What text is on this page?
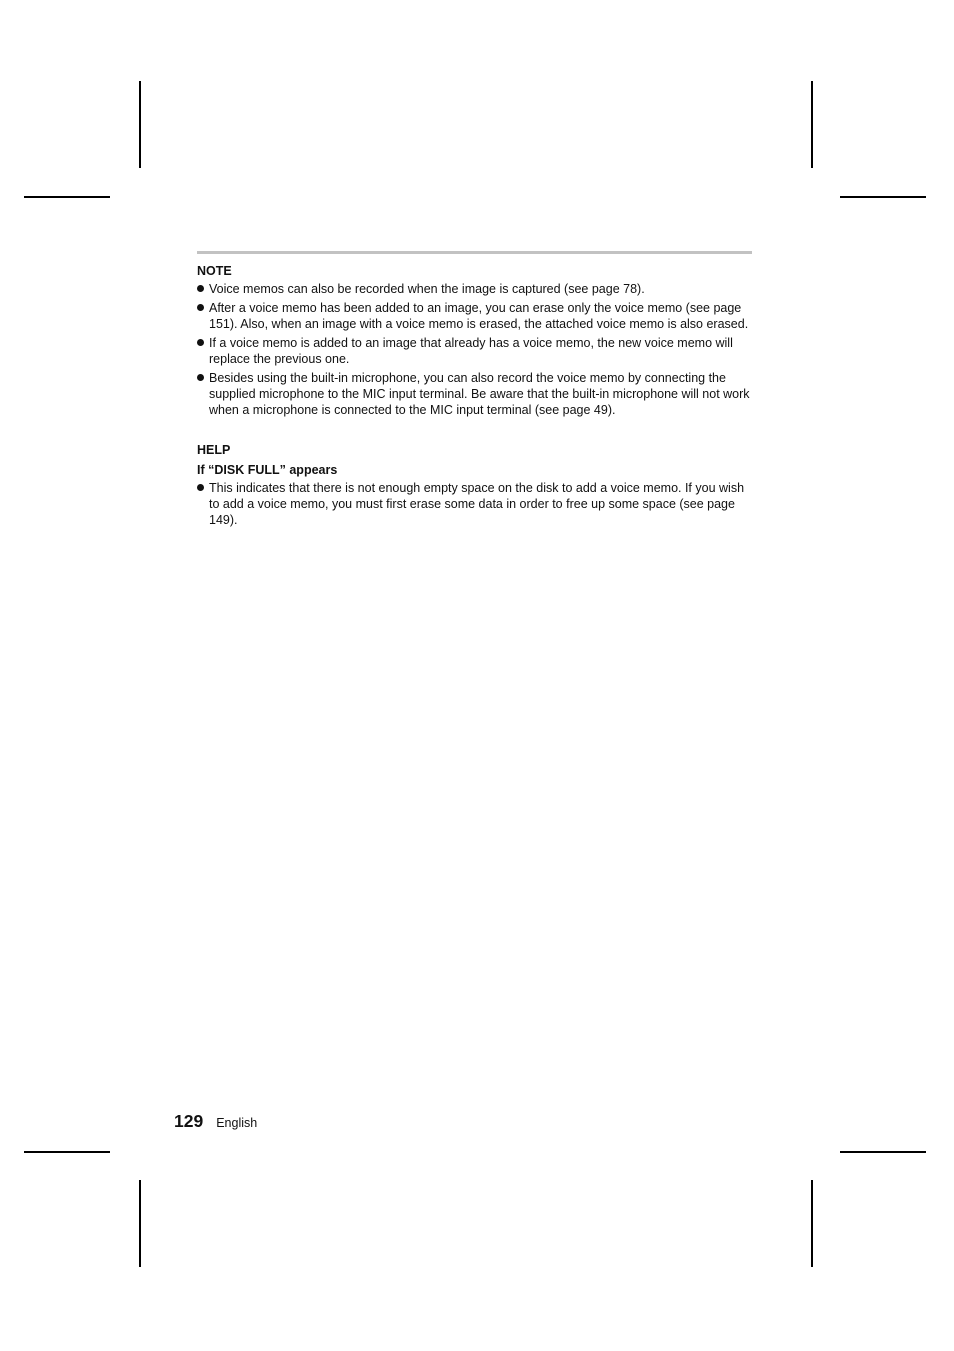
NOTE
Voice memos can also be recorded when the image is captured (see page 78).
After a voice memo has been added to an image, you can erase only the voice memo (see page 151). Also, when an image with a voice memo is erased, the attached voice memo is also erased.
If a voice memo is added to an image that already has a voice memo, the new voice memo will replace the previous one.
Besides using the built-in microphone, you can also record the voice memo by connecting the supplied microphone to the MIC input terminal. Be aware that the built-in microphone will not work when a microphone is connected to the MIC input terminal (see page 49).
HELP
If “DISK FULL” appears
This indicates that there is not enough empty space on the disk to add a voice memo. If you wish to add a voice memo, you must first erase some data in order to free up some space (see page 149).
129 English
